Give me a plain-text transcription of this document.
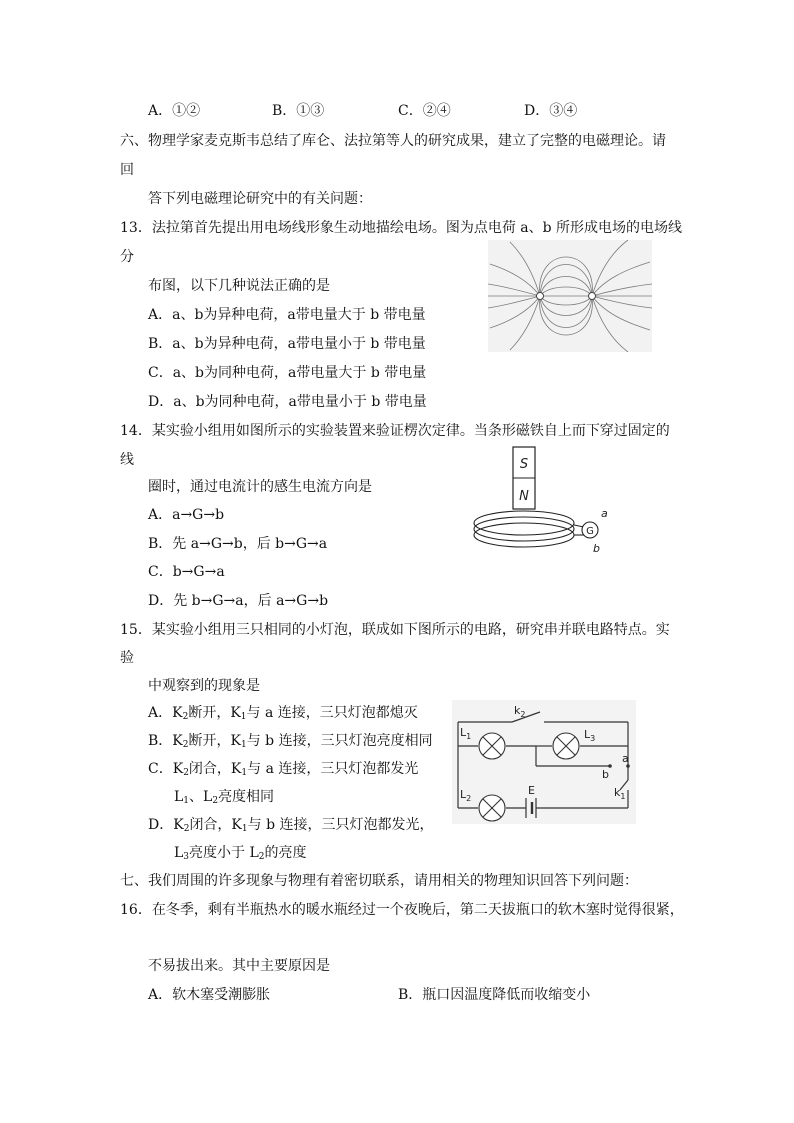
A．①②	B．①③	C．②④	D．③④
六、物理学家麦克斯韦总结了库仑、法拉第等人的研究成果，建立了完整的电磁理论。请
回
答下列电磁理论研究中的有关问题：
13．法拉第首先提出用电场线形象生动地描绘电场。图为点电荷 a、b 所形成电场的电场线
分
布图，以下几种说法正确的是
A．a、b为异种电荷，a带电量大于 b 带电量
B．a、b为异种电荷，a带电量小于 b 带电量
C．a、b为同种电荷，a带电量大于 b 带电量
D．a、b为同种电荷，a带电量小于 b 带电量
14．某实验小组用如图所示的实验装置来验证楞次定律。当条形磁铁自上而下穿过固定的
线
圈时，通过电流计的感生电流方向是
A．a→G→b
B．先 a→G→b，后 b→G→a
C．b→G→a
D．先 b→G→a，后 a→G→b
S
N
G
a
b
15．某实验小组用三只相同的小灯泡，联成如下图所示的电路，研究串并联电路特点。实
验
中观察到的现象是
A．$K_2$断开，$K_1$与 a 连接，三只灯泡都熄灭
B．$K_2$断开，$K_1$与 b 连接，三只灯泡亮度相同
C．$K_2$闭合，$K_1$与 a 连接，三只灯泡都发光
$L_1$、$L_2$亮度相同
D．$K_2$闭合，$K_1$与 b 连接，三只灯泡都发光，
$L_3$亮度小于 $L_2$的亮度
$k_2$
$L_1$	$L_3$
$L_2$
E
b
a
$k_1$
七、我们周围的许多现象与物理有着密切联系，请用相关的物理知识回答下列问题：
16．在冬季，剩有半瓶热水的暖水瓶经过一个夜晚后，第二天拔瓶口的软木塞时觉得很紧，
不易拔出来。其中主要原因是
A．软木塞受潮膨胀	B．瓶口因温度降低而收缩变小
